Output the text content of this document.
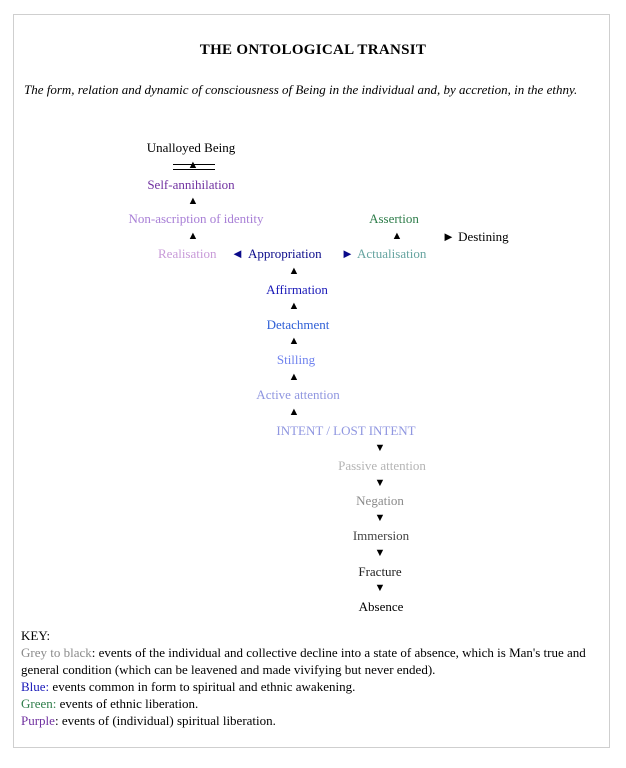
THE ONTOLOGICAL TRANSIT
The form, relation and dynamic of consciousness of Being in the individual and, by accretion, in the ethny.
Unalloyed Being
▲
Self-annihilation
▲
Non-ascription of identity
▲
Assertion
▲	► Destining
Realisation ◄ Appropriation ► Actualisation
▲
Affirmation
▲
Detachment
▲
Stilling
▲
Active attention
▲
INTENT / LOST INTENT
▼
Passive attention
▼
Negation
▼
Immersion
▼
Fracture
▼
Absence
KEY:
Grey to black: events of the individual and collective decline into a state of absence, which is Man's true and general condition (which can be leavened and made vivifying but never ended).
Blue: events common in form to spiritual and ethnic awakening.
Green: events of ethnic liberation.
Purple: events of (individual) spiritual liberation.
